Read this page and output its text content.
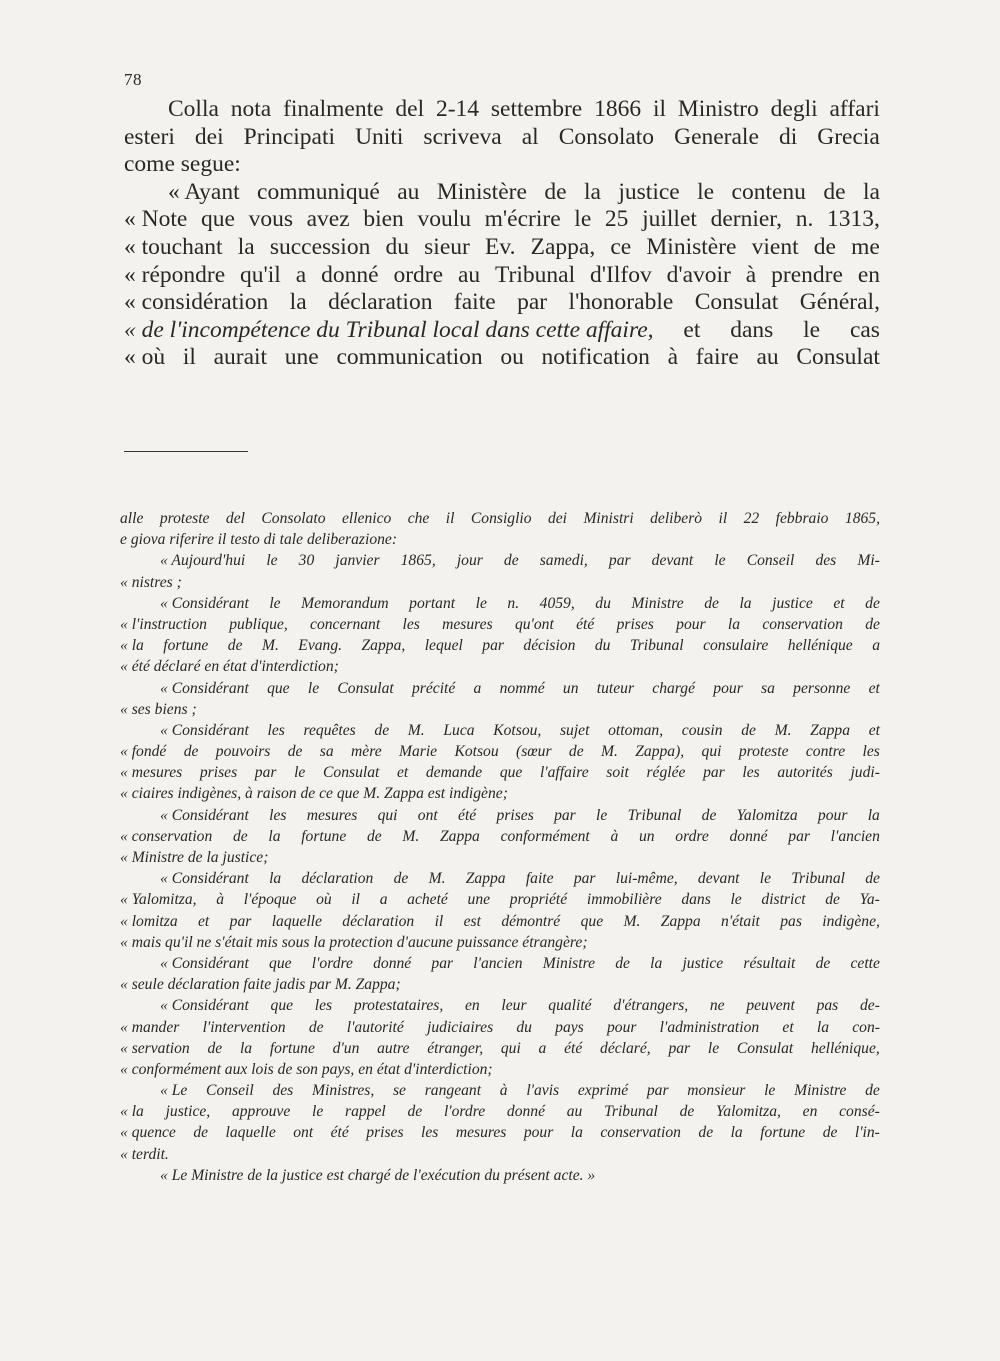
78
Colla nota finalmente del 2-14 settembre 1866 il Ministro degli affari
esteri dei Principati Uniti scriveva al Consolato Generale di Grecia
come segue:
« Ayant communiqué au Ministère de la justice le contenu de la
« Note que vous avez bien voulu m'écrire le 25 juillet dernier, n. 1313,
« touchant la succession du sieur Ev. Zappa, ce Ministère vient de me
« répondre qu'il a donné ordre au Tribunal d'Ilfov d'avoir à prendre en
« considération la déclaration faite par l'honorable Consulat Général,
« de l'incompétence du Tribunal local dans cette affaire, et dans le cas
« où il aurait une communication ou notification à faire au Consulat
alle proteste del Consolato ellenico che il Consiglio dei Ministri deliberò il 22 febbraio 1865,
e giova riferire il testo di tale deliberazione:
« Aujourd'hui le 30 janvier 1865, jour de samedi, par devant le Conseil des Mi-
« nistres ;
« Considérant le Memorandum portant le n. 4059, du Ministre de la justice et de
« l'instruction publique, concernant les mesures qu'ont été prises pour la conservation de
« la fortune de M. Evang. Zappa, lequel par décision du Tribunal consulaire hellénique a
« été déclaré en état d'interdiction;
« Considérant que le Consulat précité a nommé un tuteur chargé pour sa personne et
« ses biens ;
« Considérant les requêtes de M. Luca Kotsou, sujet ottoman, cousin de M. Zappa et
« fondé de pouvoirs de sa mère Marie Kotsou (sœur de M. Zappa), qui proteste contre les
« mesures prises par le Consulat et demande que l'affaire soit réglée par les autorités judi-
« ciaires indigènes, à raison de ce que M. Zappa est indigène;
« Considérant les mesures qui ont été prises par le Tribunal de Yalomitza pour la
« conservation de la fortune de M. Zappa conformément à un ordre donné par l'ancien
« Ministre de la justice;
« Considérant la déclaration de M. Zappa faite par lui-même, devant le Tribunal de
« Yalomitza, à l'époque où il a acheté une propriété immobilière dans le district de Ya-
« lomitza et par laquelle déclaration il est démontré que M. Zappa n'était pas indigène,
« mais qu'il ne s'était mis sous la protection d'aucune puissance étrangère;
« Considérant que l'ordre donné par l'ancien Ministre de la justice résultait de cette
« seule déclaration faite jadis par M. Zappa;
« Considérant que les protestataires, en leur qualité d'étrangers, ne peuvent pas de-
« mander l'intervention de l'autorité judiciaires du pays pour l'administration et la con-
« servation de la fortune d'un autre étranger, qui a été déclaré, par le Consulat hellénique,
« conformément aux lois de son pays, en état d'interdiction;
« Le Conseil des Ministres, se rangeant à l'avis exprimé par monsieur le Ministre de
« la justice, approuve le rappel de l'ordre donné au Tribunal de Yalomitza, en consé-
« quence de laquelle ont été prises les mesures pour la conservation de la fortune de l'in-
« terdit.
« Le Ministre de la justice est chargé de l'exécution du présent acte. »
